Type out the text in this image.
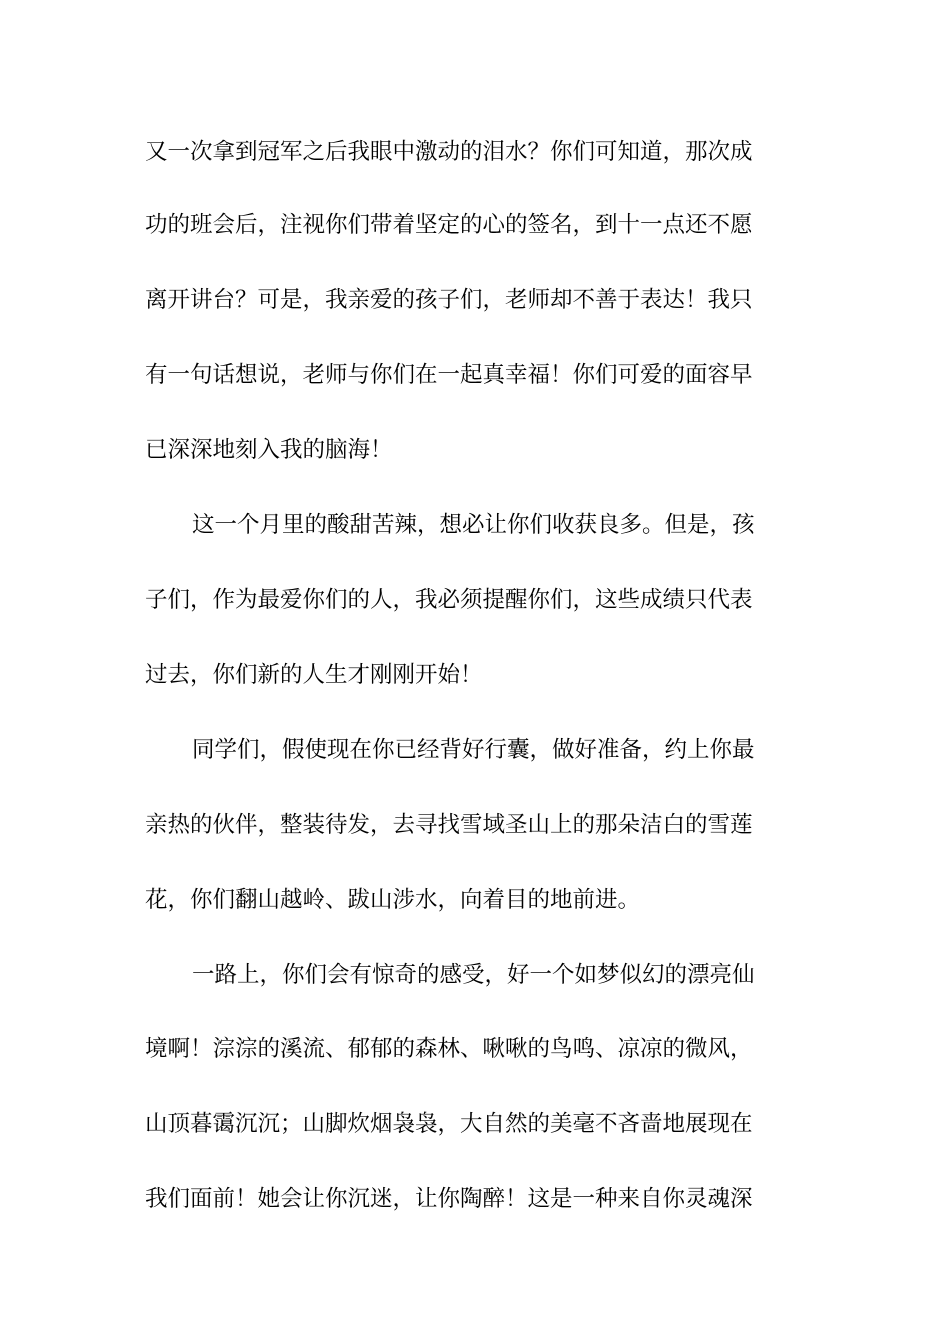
又一次拿到冠军之后我眼中激动的泪水？你们可知道，那次成
功的班会后，注视你们带着坚定的心的签名，到十一点还不愿
离开讲台？可是，我亲爱的孩子们，老师却不善于表达！我只
有一句话想说，老师与你们在一起真幸福！你们可爱的面容早
已深深地刻入我的脑海！
这一个月里的酸甜苦辣，想必让你们收获良多。但是，孩
子们，作为最爱你们的人，我必须提醒你们，这些成绩只代表
过去，你们新的人生才刚刚开始！
同学们，假使现在你已经背好行囊，做好准备，约上你最
亲热的伙伴，整装待发，去寻找雪域圣山上的那朵洁白的雪莲
花，你们翻山越岭、跋山涉水，向着目的地前进。
一路上，你们会有惊奇的感受，好一个如梦似幻的漂亮仙
境啊！淙淙的溪流、郁郁的森林、啾啾的鸟鸣、凉凉的微风，
山顶暮霭沉沉；山脚炊烟袅袅，大自然的美毫不吝啬地展现在
我们面前！她会让你沉迷，让你陶醉！这是一种来自你灵魂深
